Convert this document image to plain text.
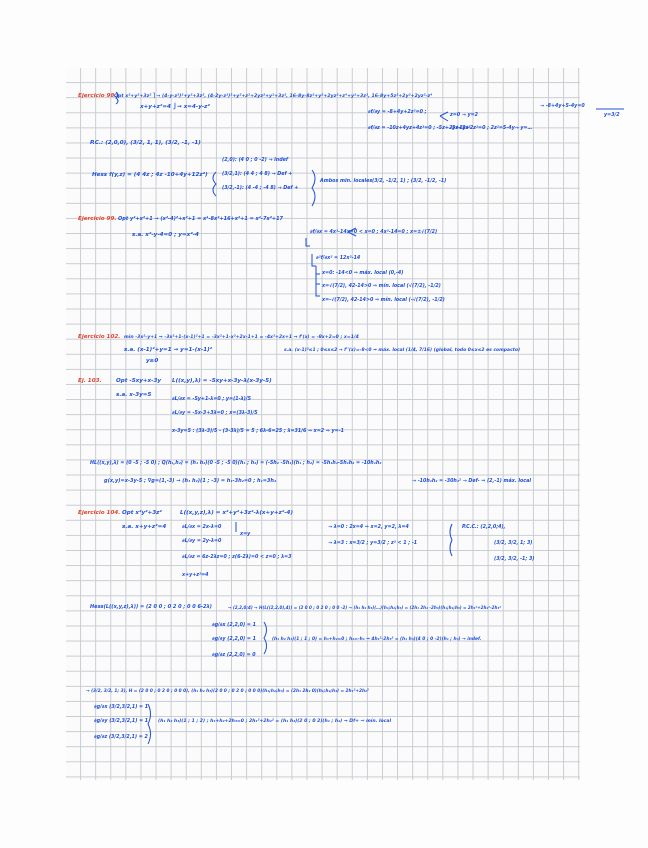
Ejercicio 98.
Opt x²+y²+3z² ⎫→ (4-y-z²)²+y²+3z², (4-2y-z²)²+y²+z²+2yz²+y²+3z², 16-8y-8z²+y²+2yz²+z⁴+y²+3z², 16-8y+5z²+2y²+2yz²-z⁴
x+y+z²=4 ⎭→ x=4-y-z²
∂f/∂y = -8+4y+2z²=0 ;
∂f/∂z = -10z+4yz+4z³=0 ; -5z+2yz+2z³
z=0 → y=2
-5+2y+2z²=0 ; 2z²=5-4y→ y=…
→ -8+4y+5-4y=0
y=3/2
P.C.: (2,0,0), (3/2, 1, 1), (3/2, -1, -1)
Hess f(y,z) = (4 4z ; 4z -10+4y+12z²)
(2,0): (4 0 ; 0 -2) → indef
(3/2,1): (4 4 ; 4 8) → Def +
(3/2,-1): (4 -4 ; -4 8) → Def +
Ambos min. locales (3/2, -1/2, 1) ; (3/2, -1/2, -1)
Ejercicio 99. Opt y²+x²+1 → (x²-4)²+x²+1 = x⁴-8x²+16+x²+1 = x⁴-7x²+17
s.a. x²-y-4=0 ; y=x²-4	∂f/∂x = 4x³-14x=0 < x=0 ; 4x²-14=0 ; x=±√(7/2)
∂²f/∂x² = 12x²-14
x=0: -14<0 ⇒ máx. local (0,-4)
x=√(7/2), 42-14>0 ⇒ mín. local (√(7/2), -1/2)
x=-√(7/2), 42-14>0 ⇒ mín. local (-√(7/2), -1/2)
Ejercicio 102. min -3x²-y+1 → -3x²+1-(x-1)²+1 = -3x²+1-x²+2x-1+1 = -4x²+2x+1 → f'(x) = -8x+2=0 ; x=1/4
s.a. (x-1)²+y=1 → y=1-(x-1)²
y≥0
s.a. (x-1)²≤1 ; 0≤x≤2 → f''(x)=-8<0 ⇒ máx. local (1/4, 7/16) (global, todo 0≤x≤2 es compacto)
Ej. 103.	Opt -5xy+x-3y L((x,y),λ) = -5xy+x-3y-λ(x-3y-5)
s.a. x-3y=5
∂L/∂x = -5y+1-λ=0 ; y=(1-λ)/5
∂L/∂y = -5x-3+3λ=0 ; x=(3λ-3)/5
x-3y=5 : (3λ-3)/5 - (3-3λ)/5 = 5 ; 6λ-6=25 ; λ=31/6 ⇒ x=2 ⇒ y=-1
HL((x,y),λ) = (0 -5 ; -5 0) ; Q(h₁,h₂) = (h₁ h₂)(0 -5 ; -5 0)(h₁ ; h₂) = (-5h₂ -5h₁)(h₁ ; h₂) = -5h₁h₂-5h₁h₂ = -10h₁h₂
g(x,y)=x-3y-5 ; ∇g=(1,-3) → (h₁ h₂)(1 ; -3) = h₁-3h₂=0 ; h₁=3h₂	→ -10h₁h₂ = -30h₂² → Def- ⇒ (2,-1) máx. local
Ejercicio 104. Opt x²y²+3z²	L((x,y,z),λ) = x²+y²+3z²-λ(x+y+z²-4)
s.a. x+y+z²=4	∂L/∂x = 2x-λ=0
x=y
∂L/∂y = 2y-λ=0
∂L/∂z = 6z-2λz=0 ; z(6-2λ)=0 < z=0 ; λ=3
x+y+z²=4
→ λ=0 : 2x=4 ⇒ x=2, y=2, λ=4
→ λ=3 : x=3/2 ; y=3/2 ; z² < 1 ; -1
P.C.C.: (2,2,0;4),
(3/2, 3/2, 1; 3)
(3/2, 3/2, -1; 3)
Hess(L((x,y,z),λ)) = (2 0 0 ; 0 2 0 ; 0 0 6-2λ)	→ (2,2,0;4) → H(L((2,2,0),4)) = (2 0 0 ; 0 2 0 ; 0 0 -2) → (h₁ h₂ h₃)(…)(h₁;h₂;h₃) = (2h₁ 2h₂ -2h₃)(h₁;h₂;h₃) = 2h₁²+2h₂²-2h₃²
∂g/∂x (2,2,0) = 1
∂g/∂y (2,2,0) = 1
∂g/∂z (2,2,0) = 0
(h₁ h₂ h₃)(1 ; 1 ; 0) = h₁+h₂=0 ; h₂=-h₁ ⇒ 4h₁²-2h₃² = (h₁ h₃)(4 0 ; 0 -2)(h₁ ; h₃) → indef.
→ (3/2, 3/2, 1; 3), H = (2 0 0 ; 0 2 0 ; 0 0 0), (h₁ h₂ h₃)(2 0 0 ; 0 2 0 ; 0 0 0)(h₁;h₂;h₃) = (2h₁ 2h₂ 0)(h₁;h₂;h₃) = 2h₁²+2h₂²
∂g/∂x (3/2,3/2,1) = 1
∂g/∂y (3/2,3/2,1) = 1
∂g/∂z (3/2,3/2,1) = 2
(h₁ h₂ h₃)(1 ; 1 ; 2) ; h₁+h₂+2h₃=0 ; 2h₁²+2h₂² = (h₁ h₂)(2 0 ; 0 2)(h₁ ; h₂) → Df+ ⇒ mín. local
